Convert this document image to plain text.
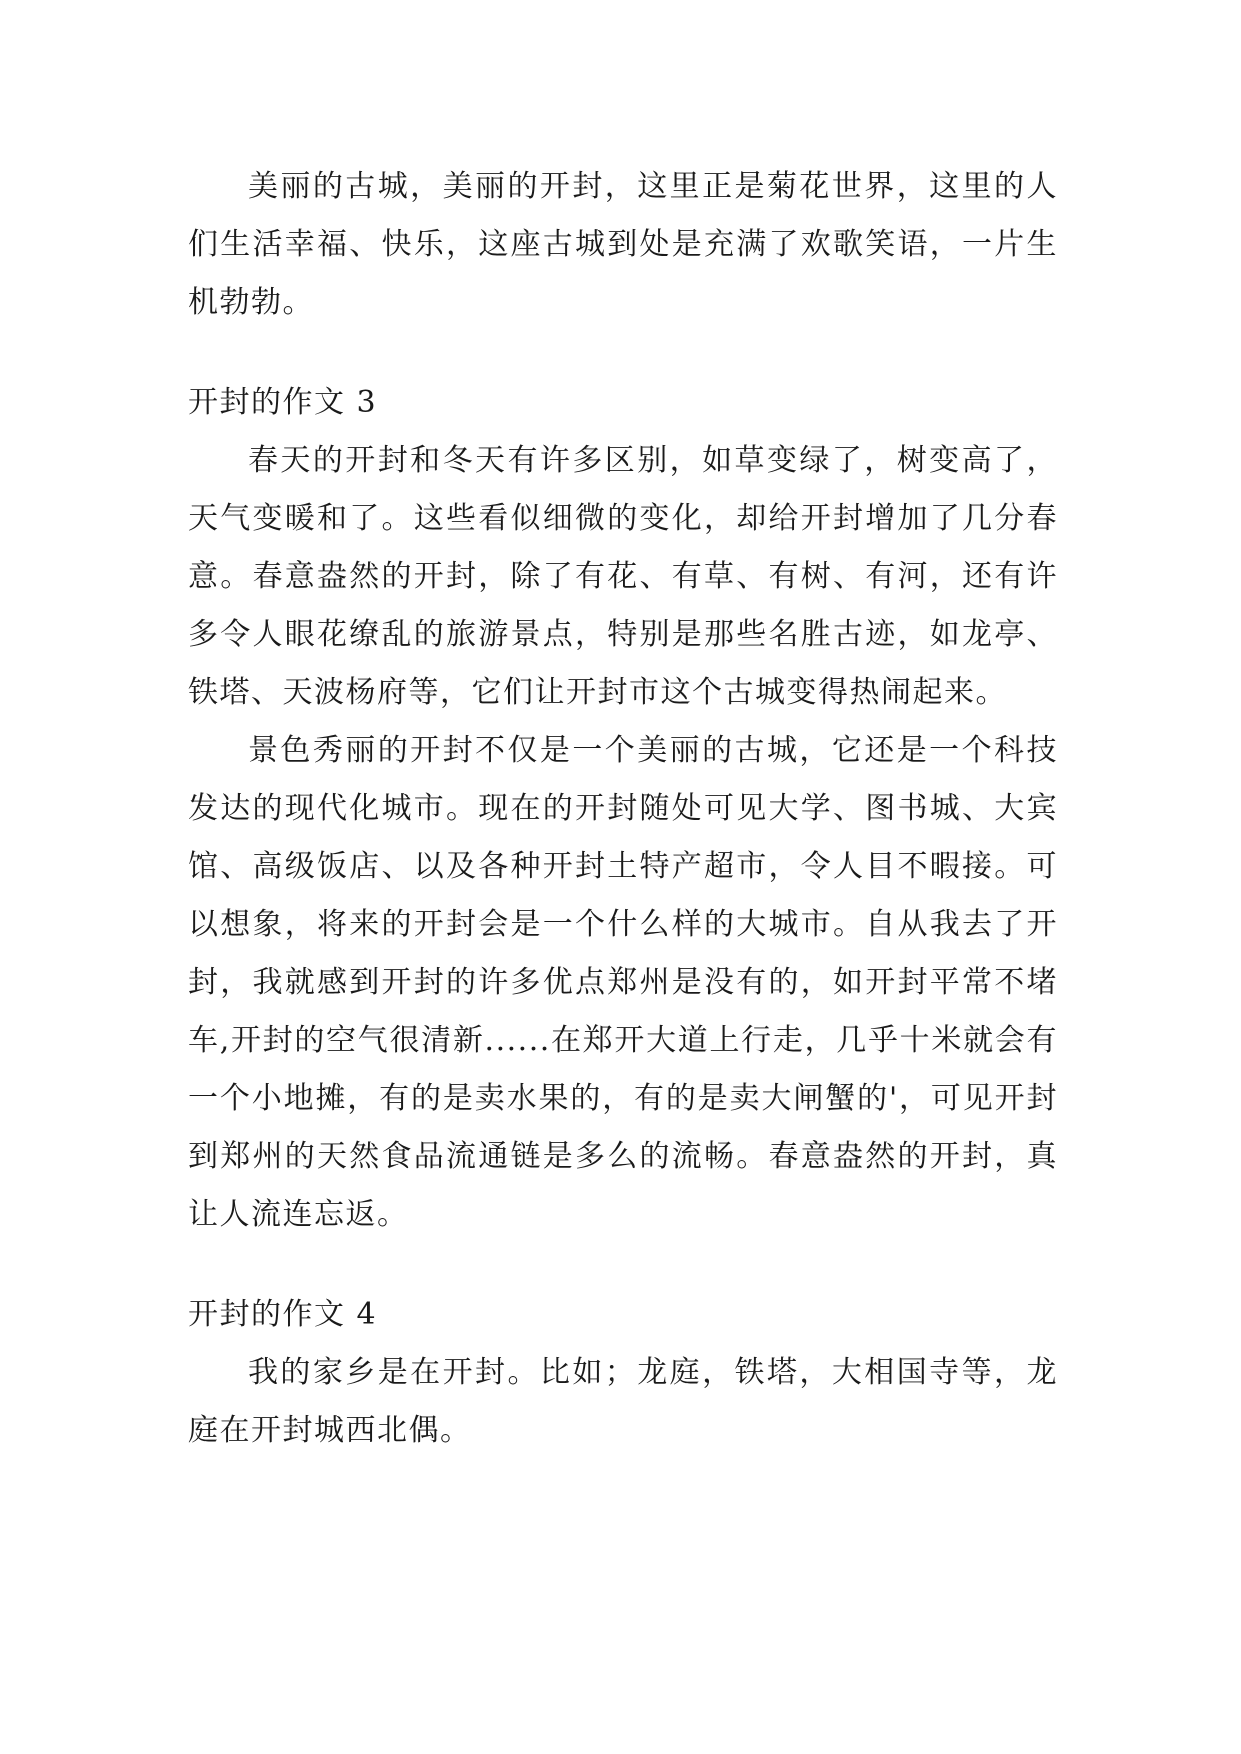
美丽的古城，美丽的开封，这里正是菊花世界，这里的人们生活幸福、快乐，这座古城到处是充满了欢歌笑语，一片生机勃勃。

开封的作文 3

春天的开封和冬天有许多区别，如草变绿了，树变高了，天气变暖和了。这些看似细微的变化，却给开封增加了几分春意。春意盎然的开封，除了有花、有草、有树、有河，还有许多令人眼花缭乱的旅游景点，特别是那些名胜古迹，如龙亭、铁塔、天波杨府等，它们让开封市这个古城变得热闹起来。

景色秀丽的开封不仅是一个美丽的古城，它还是一个科技发达的现代化城市。现在的开封随处可见大学、图书城、大宾馆、高级饭店、以及各种开封土特产超市，令人目不暇接。可以想象，将来的开封会是一个什么样的大城市。自从我去了开封，我就感到开封的许多优点郑州是没有的，如开封平常不堵车,开封的空气很清新......在郑开大道上行走，几乎十米就会有一个小地摊，有的是卖水果的，有的是卖大闸蟹的'，可见开封到郑州的天然食品流通链是多么的流畅。春意盎然的开封，真让人流连忘返。

开封的作文 4

我的家乡是在开封。比如；龙庭，铁塔，大相国寺等，龙庭在开封城西北偶。
